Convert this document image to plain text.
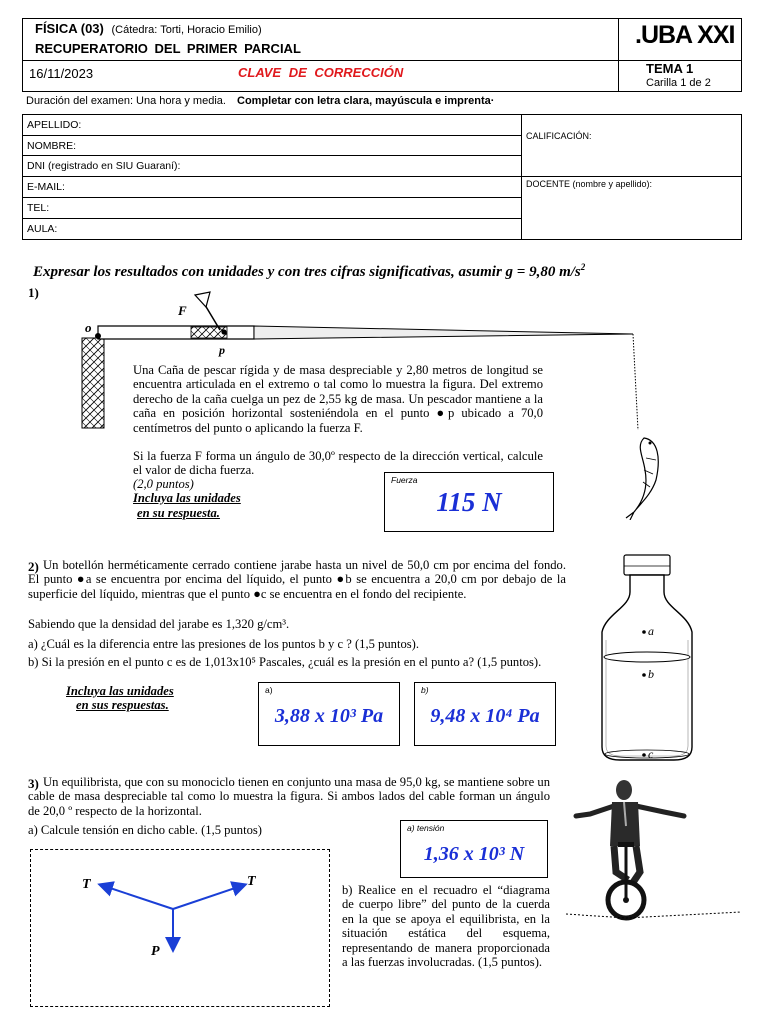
FÍSICA (03) (Cátedra: Torti, Horacio Emilio)
RECUPERATORIO DEL PRIMER PARCIAL	.UBA XXI
16/11/2023	CLAVE DE CORRECCIÓN	TEMA 1
Carilla 1 de 2
Duración del examen: Una hora y media. Completar con letra clara, mayúscula e imprenta·
APELLIDO:	CALIFICACIÓN:
NOMBRE:	
DNI (registrado en SIU Guaraní):	
E-MAIL:	DOCENTE (nombre y apellido):
TEL:	
AULA:	
Expresar los resultados con unidades y con tres cifras significativas, asumir g = 9,80 $m/s^2$
1)
F
o
p
Una Caña de pescar rígida y de masa despreciable y 2,80 metros de longitud se encuentra articulada en el extremo o tal como lo muestra la figura. Del extremo derecho de la caña cuelga un pez de 2,55 kg de masa. Un pescador mantiene a la caña en posición horizontal sosteniéndola en el punto ●p ubicado a 70,0 centímetros del punto o aplicando la fuerza F.
Si la fuerza F forma un ángulo de 30,0º respecto de la dirección vertical, calcule el valor de dicha fuerza.
(2,0 puntos)
Incluya las unidades
en su respuesta.
Fuerza
115 N
2) Un botellón herméticamente cerrado contiene jarabe hasta un nivel de 50,0 cm por encima del fondo. El punto ●a se encuentra por encima del líquido, el punto ●b se encuentra a 20,0 cm por debajo de la superficie del líquido, mientras que el punto ●c se encuentra en el fondo del recipiente.
Sabiendo que la densidad del jarabe es 1,320 g/cm³.
a) ¿Cuál es la diferencia entre las presiones de los puntos b y c ? (1,5 puntos).
b) Si la presión en el punto c es de 1,013x10⁵ Pascales, ¿cuál es la presión en el punto a? (1,5 puntos).
Incluya las unidades
en sus respuestas.
a)
3,88 x 10³ Pa
b)
9,48 x 10⁴ Pa
a
b
c
3) Un equilibrista, que con su monociclo tienen en conjunto una masa de 95,0 kg, se mantiene sobre un cable de masa despreciable tal como lo muestra la figura. Si ambos lados del cable forman un ángulo de 20,0 º respecto de la horizontal.
a) Calcule tensión en dicho cable. (1,5 puntos)	a) tensión
1,36 x 10³ N
T	T
P
b) Realice en el recuadro el “diagrama de cuerpo libre” del punto de la cuerda en la que se apoya el equilibrista, en la situación estática del esquema, representando de manera proporcionada a las fuerzas involucradas. (1,5 puntos).
